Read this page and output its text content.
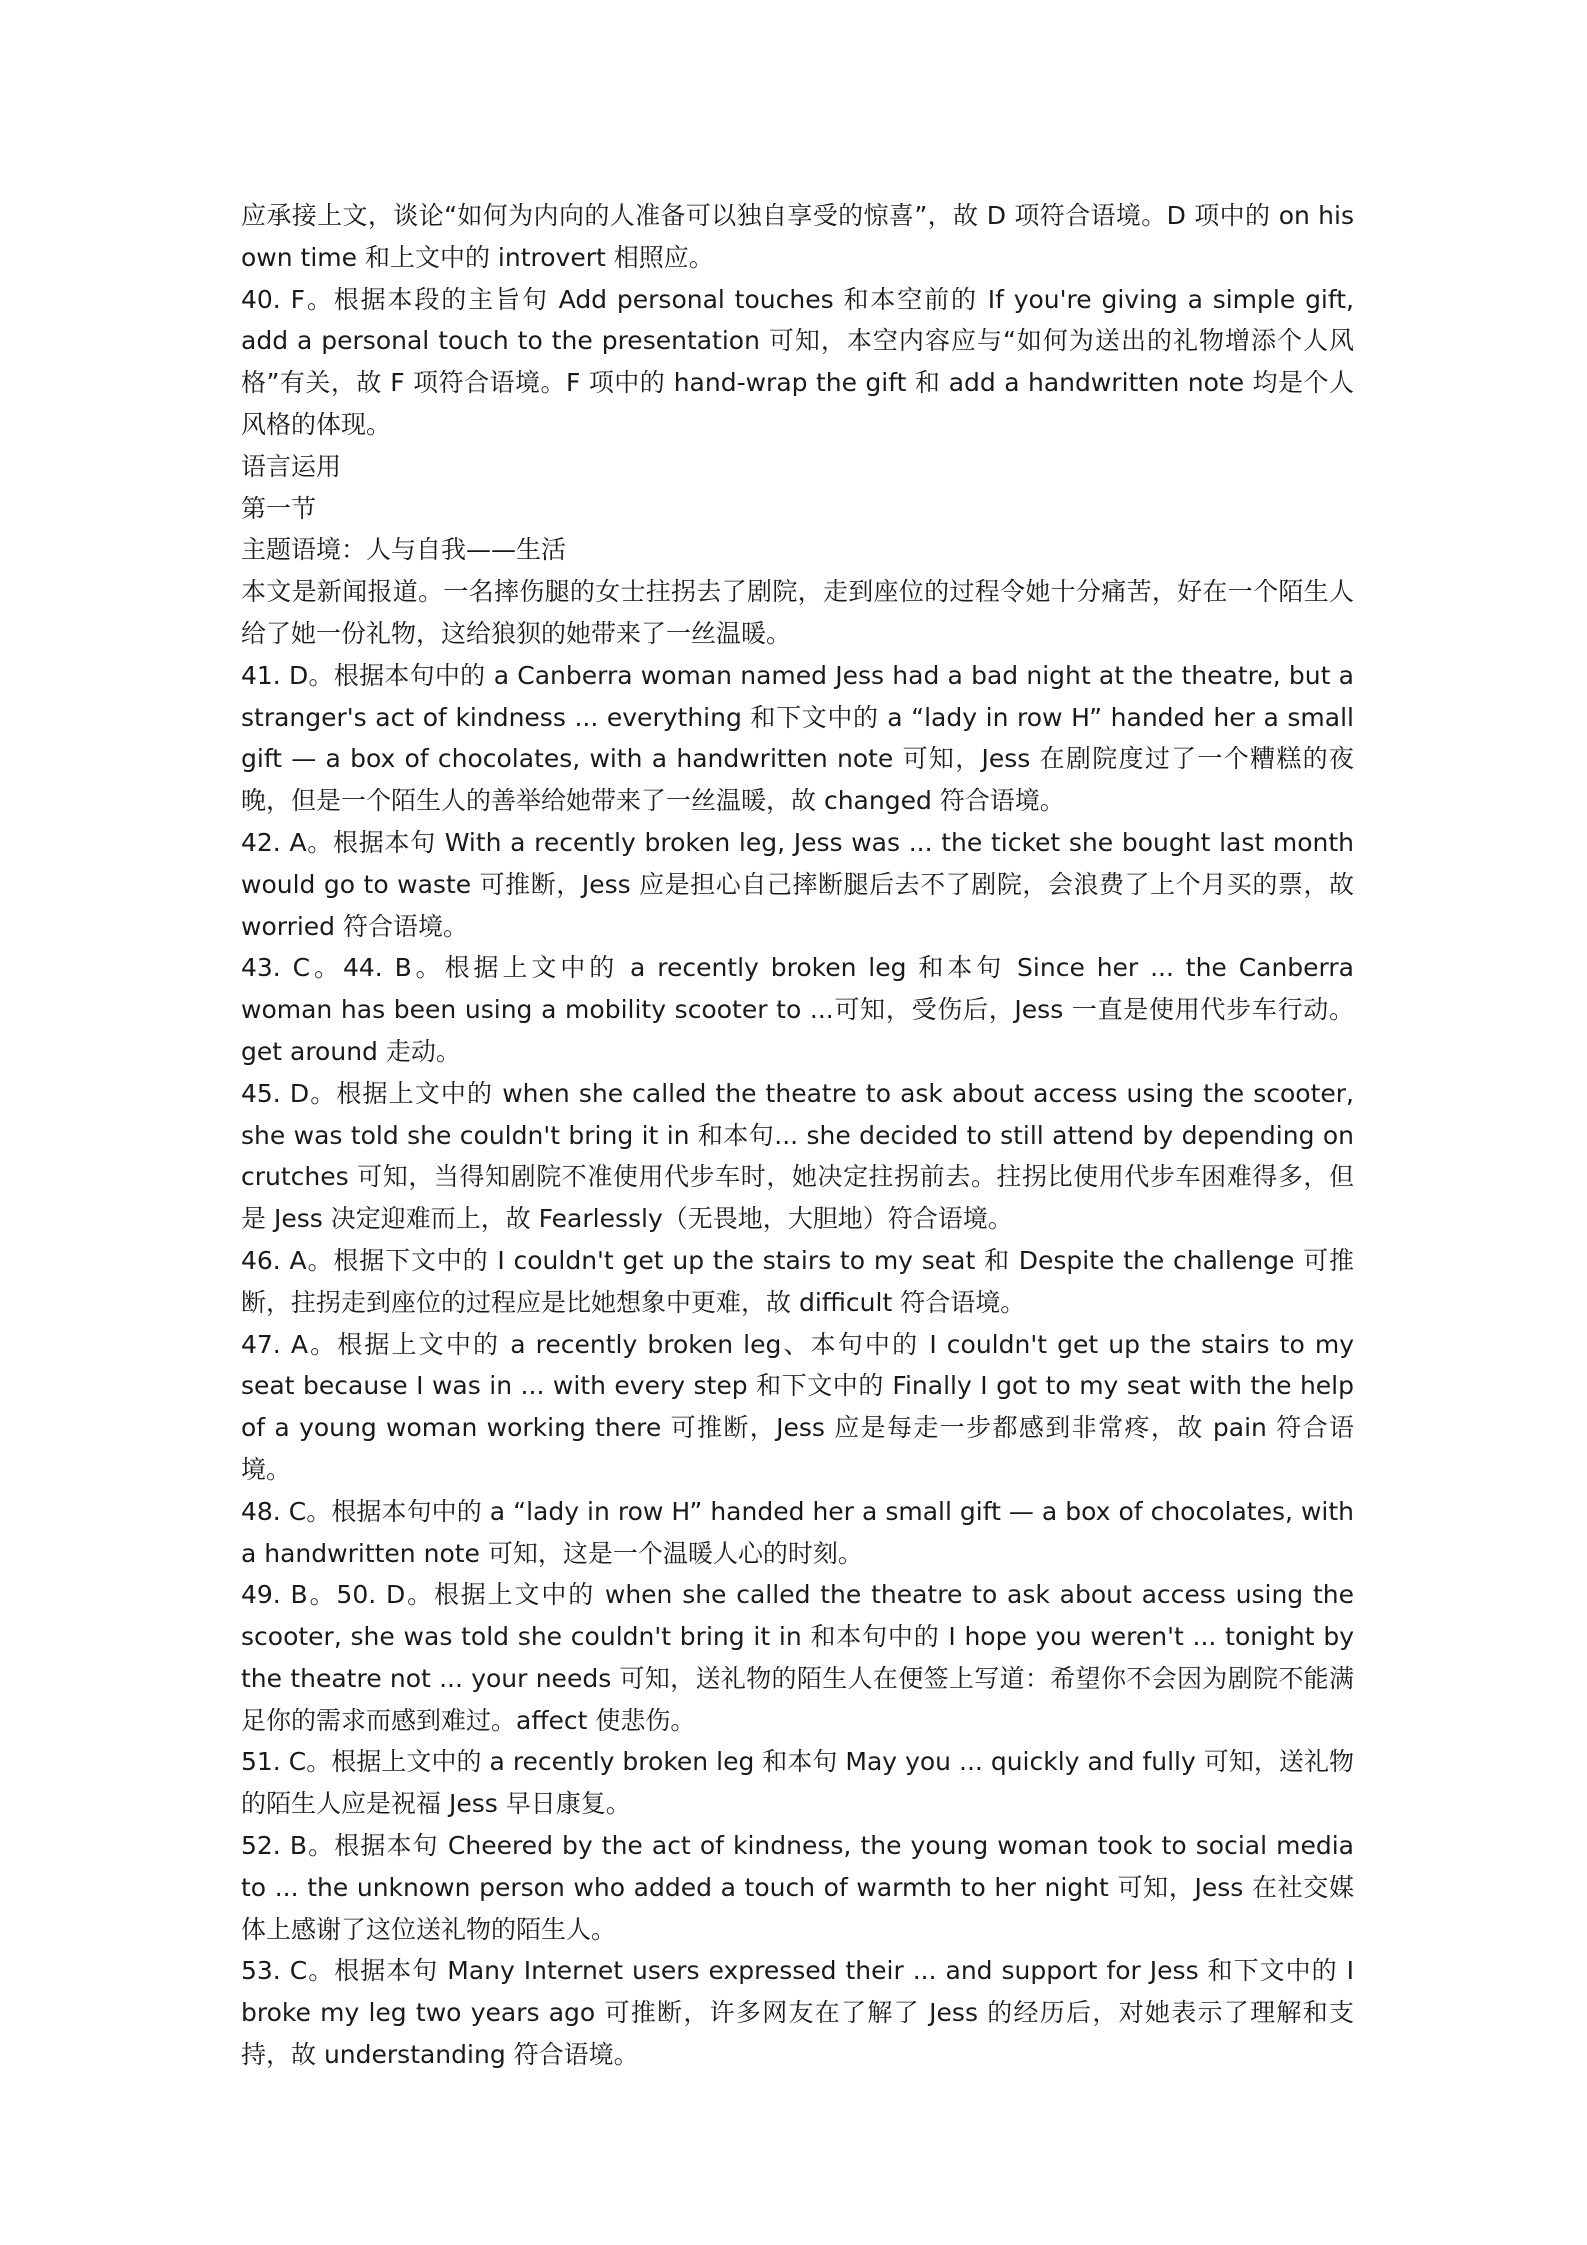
应承接上文，谈论“如何为内向的人准备可以独自享受的惊喜”，故 D 项符合语境。D 项中的 on his own time 和上文中的 introvert 相照应。

40. F。根据本段的主旨句 Add personal touches 和本空前的 If you're giving a simple gift, add a personal touch to the presentation 可知，本空内容应与“如何为送出的礼物增添个人风格”有关，故 F 项符合语境。F 项中的 hand-wrap the gift 和 add a handwritten note 均是个人风格的体现。

语言运用

第一节

主题语境：人与自我——生活

本文是新闻报道。一名摔伤腿的女士拄拐去了剧院，走到座位的过程令她十分痛苦，好在一个陌生人给了她一份礼物，这给狼狈的她带来了一丝温暖。

41. D。根据本句中的 a Canberra woman named Jess had a bad night at the theatre, but a stranger's act of kindness ... everything 和下文中的 a “lady in row H” handed her a small gift — a box of chocolates, with a handwritten note 可知，Jess 在剧院度过了一个糟糕的夜晚，但是一个陌生人的善举给她带来了一丝温暖，故 changed 符合语境。

42. A。根据本句 With a recently broken leg, Jess was ... the ticket she bought last month would go to waste 可推断，Jess 应是担心自己摔断腿后去不了剧院，会浪费了上个月买的票，故 worried 符合语境。

43. C。44. B。根据上文中的 a recently broken leg 和本句 Since her ... the Canberra woman has been using a mobility scooter to ...可知，受伤后，Jess 一直是使用代步车行动。get around 走动。

45. D。根据上文中的 when she called the theatre to ask about access using the scooter, she was told she couldn't bring it in 和本句... she decided to still attend by depending on crutches 可知，当得知剧院不准使用代步车时，她决定拄拐前去。拄拐比使用代步车困难得多，但是 Jess 决定迎难而上，故 Fearlessly（无畏地，大胆地）符合语境。

46. A。根据下文中的 I couldn't get up the stairs to my seat 和 Despite the challenge 可推断，拄拐走到座位的过程应是比她想象中更难，故 difficult 符合语境。

47. A。根据上文中的 a recently broken leg、本句中的 I couldn't get up the stairs to my seat because I was in ... with every step 和下文中的 Finally I got to my seat with the help of a young woman working there 可推断，Jess 应是每走一步都感到非常疼，故 pain 符合语境。

48. C。根据本句中的 a “lady in row H” handed her a small gift — a box of chocolates, with a handwritten note 可知，这是一个温暖人心的时刻。

49. B。50. D。根据上文中的 when she called the theatre to ask about access using the scooter, she was told she couldn't bring it in 和本句中的 I hope you weren't ... tonight by the theatre not ... your needs 可知，送礼物的陌生人在便签上写道：希望你不会因为剧院不能满足你的需求而感到难过。affect 使悲伤。

51. C。根据上文中的 a recently broken leg 和本句 May you ... quickly and fully 可知，送礼物的陌生人应是祝福 Jess 早日康复。

52. B。根据本句 Cheered by the act of kindness, the young woman took to social media to ... the unknown person who added a touch of warmth to her night 可知，Jess 在社交媒体上感谢了这位送礼物的陌生人。

53. C。根据本句 Many Internet users expressed their ... and support for Jess 和下文中的 I broke my leg two years ago 可推断，许多网友在了解了 Jess 的经历后，对她表示了理解和支持，故 understanding 符合语境。
